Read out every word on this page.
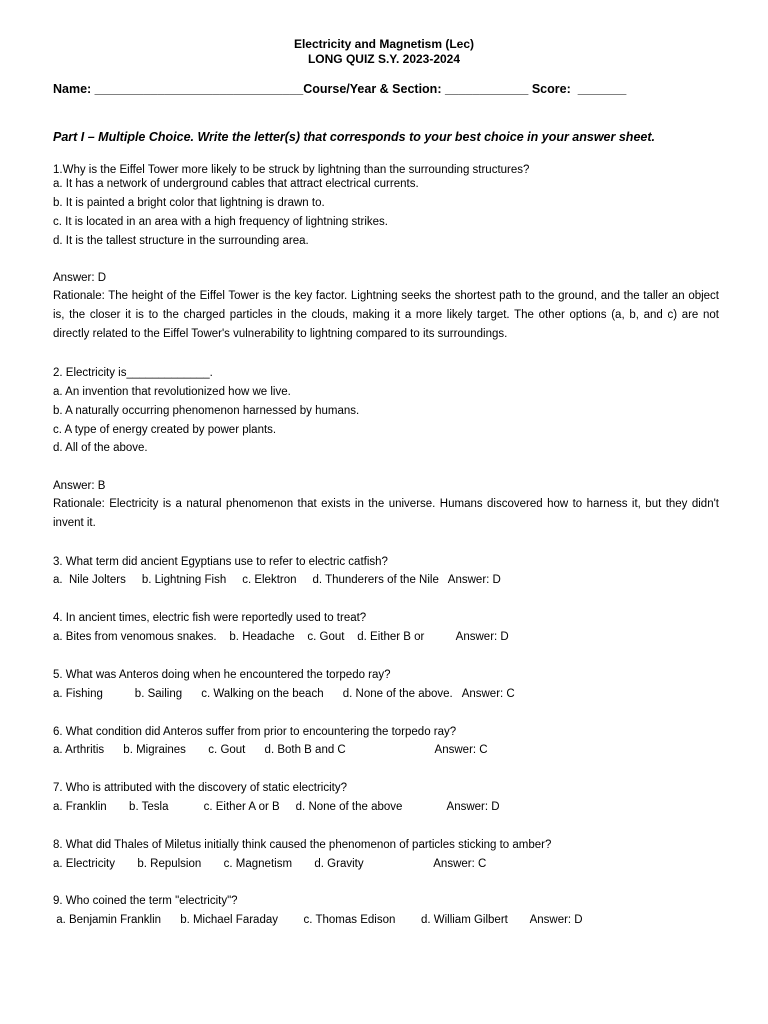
Electricity and Magnetism (Lec)
LONG QUIZ S.Y. 2023-2024
Name: ______________________________Course/Year & Section: ____________ Score:  _______
Part I – Multiple Choice. Write the letter(s) that corresponds to your best choice in your answer sheet.
1.Why is the Eiffel Tower more likely to be struck by lightning than the surrounding structures?
a. It has a network of underground cables that attract electrical currents.
b. It is painted a bright color that lightning is drawn to.
c. It is located in an area with a high frequency of lightning strikes.
d. It is the tallest structure in the surrounding area.
Answer: D
Rationale: The height of the Eiffel Tower is the key factor. Lightning seeks the shortest path to the ground, and the taller an object is, the closer it is to the charged particles in the clouds, making it a more likely target. The other options (a, b, and c) are not directly related to the Eiffel Tower's vulnerability to lightning compared to its surroundings.
2. Electricity is_____________.
a. An invention that revolutionized how we live.
b. A naturally occurring phenomenon harnessed by humans.
c. A type of energy created by power plants.
d. All of the above.
Answer: B
Rationale: Electricity is a natural phenomenon that exists in the universe. Humans discovered how to harness it, but they didn't invent it.
3. What term did ancient Egyptians use to refer to electric catfish?
a.  Nile Jolters     b. Lightning Fish     c. Elektron     d. Thunderers of the Nile   Answer: D
4. In ancient times, electric fish were reportedly used to treat?
a. Bites from venomous snakes.    b. Headache    c. Gout    d. Either B or          Answer: D
5. What was Anteros doing when he encountered the torpedo ray?
a. Fishing          b. Sailing      c. Walking on the beach      d. None of the above.   Answer: C
6. What condition did Anteros suffer from prior to encountering the torpedo ray?
a. Arthritis      b. Migraines       c. Gout      d. Both B and C                            Answer: C
7. Who is attributed with the discovery of static electricity?
a. Franklin       b. Tesla           c. Either A or B     d. None of the above              Answer: D
8. What did Thales of Miletus initially think caused the phenomenon of particles sticking to amber?
a. Electricity       b. Repulsion       c. Magnetism       d. Gravity                      Answer: C
9. Who coined the term "electricity"?
a. Benjamin Franklin      b. Michael Faraday        c. Thomas Edison        d. William Gilbert       Answer: D
